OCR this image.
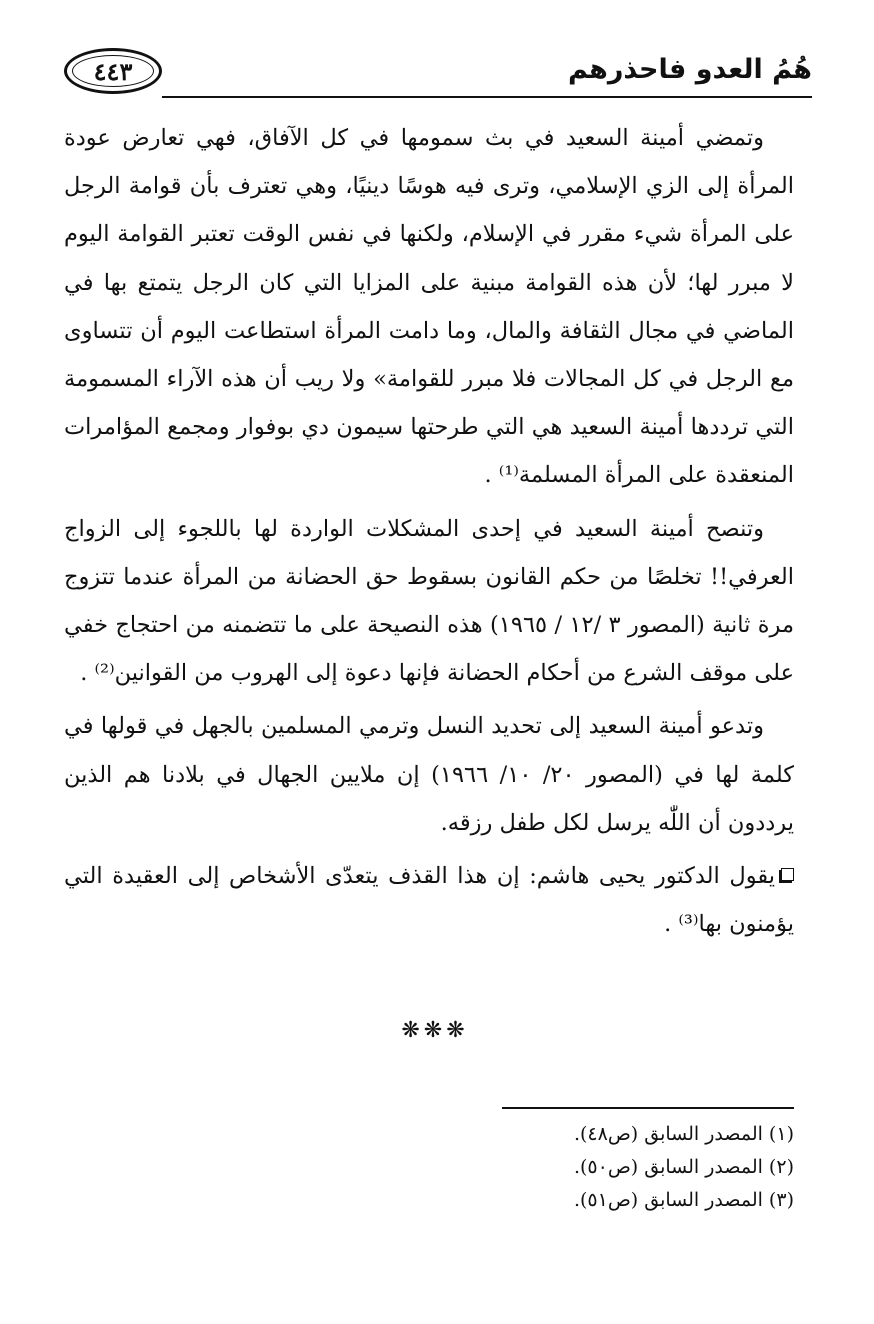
٤٤٣	هُمُ العدو فاحذرهم

وتمضي أمينة السعيد في بث سمومها في كل الآفاق، فهي تعارض عودة المرأة إلى الزي الإسلامي، وترى فيه هوسًا دينيًا، وهي تعترف بأن قوامة الرجل على المرأة شيء مقرر في الإسلام، ولكنها في نفس الوقت تعتبر القوامة اليوم لا مبرر لها؛ لأن هذه القوامة مبنية على المزايا التي كان الرجل يتمتع بها في الماضي في مجال الثقافة والمال، وما دامت المرأة استطاعت اليوم أن تتساوى مع الرجل في كل المجالات فلا مبرر للقوامة» ولا ريب أن هذه الآراء المسمومة التي ترددها أمينة السعيد هي التي طرحتها سيمون دي بوفوار ومجمع المؤامرات المنعقدة على المرأة المسلمة⁽¹⁾ .

وتنصح أمينة السعيد في إحدى المشكلات الواردة لها باللجوء إلى الزواج العرفي!! تخلصًا من حكم القانون بسقوط حق الحضانة من المرأة عندما تتزوج مرة ثانية (المصور ٣ /١٢ / ١٩٦٥) هذه النصيحة على ما تتضمنه من احتجاج خفي على موقف الشرع من أحكام الحضانة فإنها دعوة إلى الهروب من القوانين⁽²⁾ .

وتدعو أمينة السعيد إلى تحديد النسل وترمي المسلمين بالجهل في قولها في كلمة لها في (المصور ٢٠/ ١٠/ ١٩٦٦) إن ملايين الجهال في بلادنا هم الذين يرددون أن اللّٰه يرسل لكل طفل رزقه.

يقول الدكتور يحيى هاشم: إن هذا القذف يتعدّى الأشخاص إلى العقيدة التي يؤمنون بها⁽³⁾ .

❋❋❋

(١) المصدر السابق (ص٤٨).

(٢) المصدر السابق (ص٥٠).

(٣) المصدر السابق (ص٥١).
